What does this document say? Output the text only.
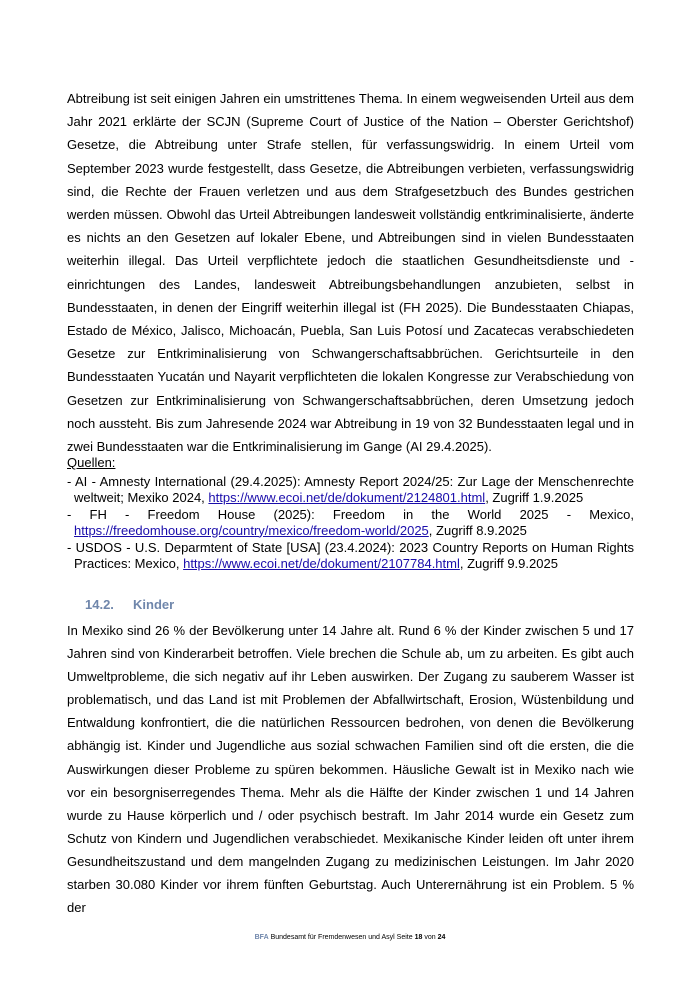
Abtreibung ist seit einigen Jahren ein umstrittenes Thema. In einem wegweisenden Urteil aus dem Jahr 2021 erklärte der SCJN (Supreme Court of Justice of the Nation – Oberster Gerichtshof) Gesetze, die Abtreibung unter Strafe stellen, für verfassungswidrig. In einem Urteil vom September 2023 wurde festgestellt, dass Gesetze, die Abtreibungen verbieten, verfassungswidrig sind, die Rechte der Frauen verletzen und aus dem Strafgesetzbuch des Bundes gestrichen werden müssen. Obwohl das Urteil Abtreibungen landesweit vollständig entkriminalisierte, änderte es nichts an den Gesetzen auf lokaler Ebene, und Abtreibungen sind in vielen Bundesstaaten weiterhin illegal. Das Urteil verpflichtete jedoch die staatlichen Gesundheitsdienste und -einrichtungen des Landes, landesweit Abtreibungsbehandlungen anzubieten, selbst in Bundesstaaten, in denen der Eingriff weiterhin illegal ist (FH 2025). Die Bundesstaaten Chiapas, Estado de México, Jalisco, Michoacán, Puebla, San Luis Potosí und Zacatecas verabschiedeten Gesetze zur Entkriminalisierung von Schwangerschaftsabbrüchen. Gerichtsurteile in den Bundesstaaten Yucatán und Nayarit verpflichteten die lokalen Kongresse zur Verabschiedung von Gesetzen zur Entkriminalisierung von Schwangerschaftsabbrüchen, deren Umsetzung jedoch noch aussteht. Bis zum Jahresende 2024 war Abtreibung in 19 von 32 Bundesstaaten legal und in zwei Bundesstaaten war die Entkriminalisierung im Gange (AI 29.4.2025).

Quellen:

- AI - Amnesty International (29.4.2025): Amnesty Report 2024/25: Zur Lage der Menschenrechte weltweit; Mexiko 2024, https://www.ecoi.net/de/dokument/2124801.html, Zugriff 1.9.2025
- FH - Freedom House (2025): Freedom in the World 2025 - Mexico, https://freedomhouse.org/country/mexico/freedom-world/2025, Zugriff 8.9.2025
- USDOS - U.S. Deparmtent of State [USA] (23.4.2024): 2023 Country Reports on Human Rights Practices: Mexico, https://www.ecoi.net/de/dokument/2107784.html, Zugriff 9.9.2025
14.2. Kinder

In Mexiko sind 26 % der Bevölkerung unter 14 Jahre alt. Rund 6 % der Kinder zwischen 5 und 17 Jahren sind von Kinderarbeit betroffen. Viele brechen die Schule ab, um zu arbeiten. Es gibt auch Umweltprobleme, die sich negativ auf ihr Leben auswirken. Der Zugang zu sauberem Wasser ist problematisch, und das Land ist mit Problemen der Abfallwirtschaft, Erosion, Wüstenbildung und Entwaldung konfrontiert, die die natürlichen Ressourcen bedrohen, von denen die Bevölkerung abhängig ist. Kinder und Jugendliche aus sozial schwachen Familien sind oft die ersten, die die Auswirkungen dieser Probleme zu spüren bekommen. Häusliche Gewalt ist in Mexiko nach wie vor ein besorgniserregendes Thema. Mehr als die Hälfte der Kinder zwischen 1 und 14 Jahren wurde zu Hause körperlich und / oder psychisch bestraft. Im Jahr 2014 wurde ein Gesetz zum Schutz von Kindern und Jugendlichen verabschiedet. Mexikanische Kinder leiden oft unter ihrem Gesundheitszustand und dem mangelnden Zugang zu medizinischen Leistungen. Im Jahr 2020 starben 30.080 Kinder vor ihrem fünften Geburtstag. Auch Unterernährung ist ein Problem. 5 % der

BFA Bundesamt für Fremdenwesen und Asyl Seite 18 von 24
